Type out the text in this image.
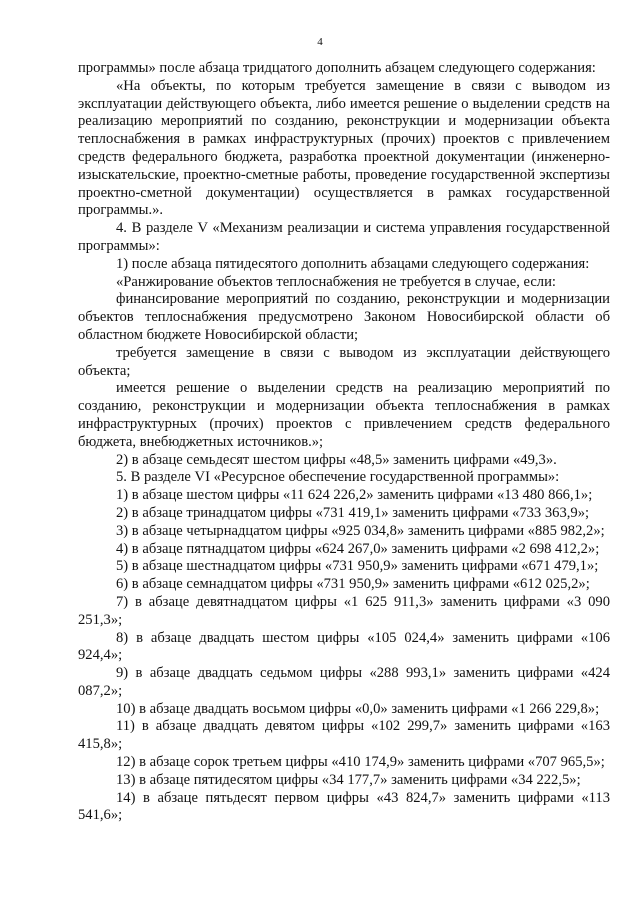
4

программы» после абзаца тридцатого дополнить абзацем следующего содержания:

«На объекты, по которым требуется замещение в связи с выводом из эксплуатации действующего объекта, либо имеется решение о выделении средств на реализацию мероприятий по созданию, реконструкции и модернизации объекта теплоснабжения в рамках инфраструктурных (прочих) проектов с привлечением средств федерального бюджета, разработка проектной документации (инженерно-изыскательские, проектно-сметные работы, проведение государственной экспертизы проектно-сметной документации) осуществляется в рамках государственной программы.».

4. В разделе V «Механизм реализации и система управления государственной программы»:

1) после абзаца пятидесятого дополнить абзацами следующего содержания:

«Ранжирование объектов теплоснабжения не требуется в случае, если:

финансирование мероприятий по созданию, реконструкции и модернизации объектов теплоснабжения предусмотрено Законом Новосибирской области об областном бюджете Новосибирской области;

требуется замещение в связи с выводом из эксплуатации действующего объекта;

имеется решение о выделении средств на реализацию мероприятий по созданию, реконструкции и модернизации объекта теплоснабжения в рамках инфраструктурных (прочих) проектов с привлечением средств федерального бюджета, внебюджетных источников.»;

2) в абзаце семьдесят шестом цифры «48,5» заменить цифрами «49,3».

5. В разделе VI «Ресурсное обеспечение государственной программы»:

1) в абзаце шестом цифры «11 624 226,2» заменить цифрами «13 480 866,1»;

2) в абзаце тринадцатом цифры «731 419,1» заменить цифрами «733 363,9»;

3) в абзаце четырнадцатом цифры «925 034,8» заменить цифрами «885 982,2»;

4) в абзаце пятнадцатом цифры «624 267,0» заменить цифрами «2 698 412,2»;

5) в абзаце шестнадцатом цифры «731 950,9» заменить цифрами «671 479,1»;

6) в абзаце семнадцатом цифры «731 950,9» заменить цифрами «612 025,2»;

7) в абзаце девятнадцатом цифры «1 625 911,3» заменить цифрами «3 090 251,3»;

8) в абзаце двадцать шестом цифры «105 024,4» заменить цифрами «106 924,4»;

9) в абзаце двадцать седьмом цифры «288 993,1» заменить цифрами «424 087,2»;

10) в абзаце двадцать восьмом цифры «0,0» заменить цифрами «1 266 229,8»;

11) в абзаце двадцать девятом цифры «102 299,7» заменить цифрами «163 415,8»;

12) в абзаце сорок третьем цифры «410 174,9» заменить цифрами «707 965,5»;

13) в абзаце пятидесятом цифры «34 177,7» заменить цифрами «34 222,5»;

14) в абзаце пятьдесят первом цифры «43 824,7» заменить цифрами «113 541,6»;
